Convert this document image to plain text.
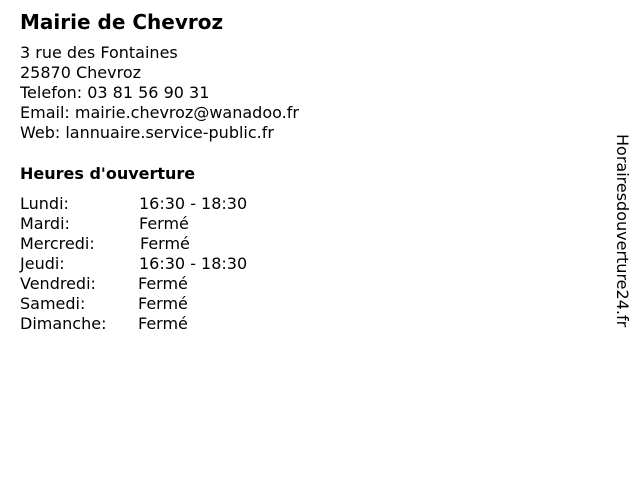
Mairie de Chevroz
3 rue des Fontaines
25870 Chevroz
Telefon: 03 81 56 90 31
Email: mairie.chevroz@wanadoo.fr
Web: lannuaire.service-public.fr
Heures d'ouverture
Lundi:	16:30 - 18:30
Mardi:	Fermé
Mercredi:	Fermé
Jeudi:	16:30 - 18:30
Vendredi:	Fermé
Samedi:	Fermé
Dimanche: Fermé	Horairesdouverture24.fr
